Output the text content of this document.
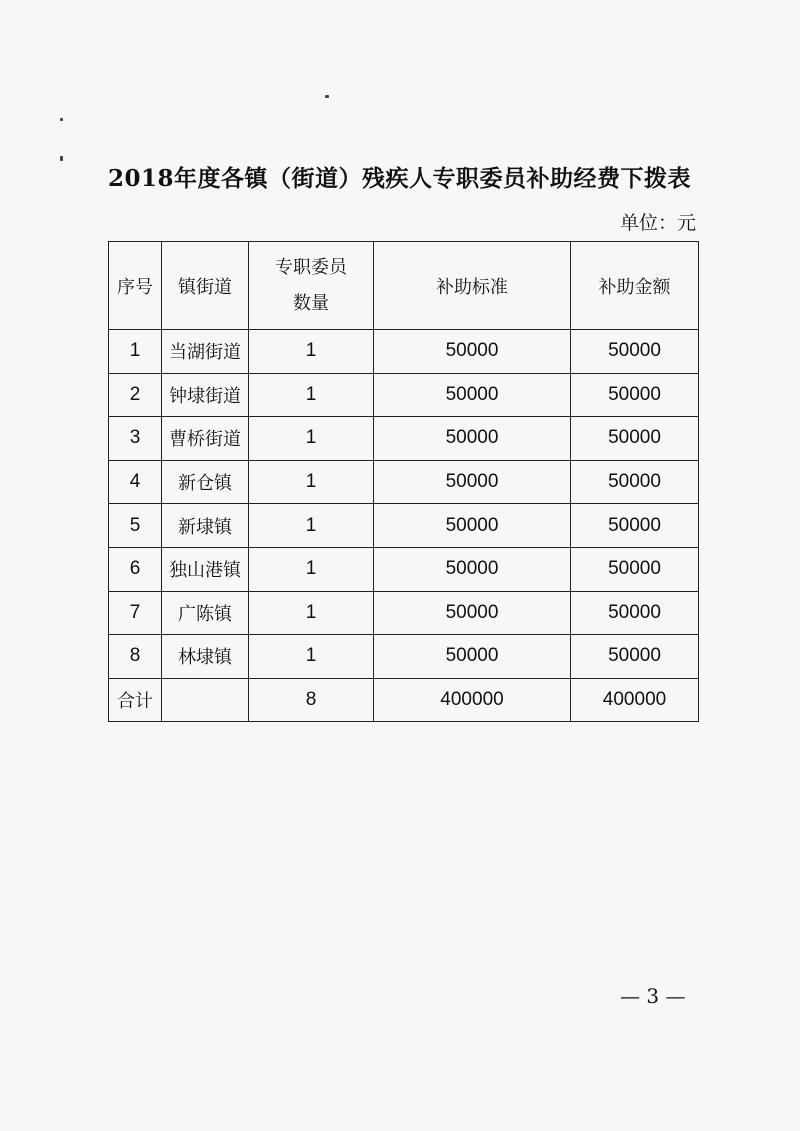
2018年度各镇（街道）残疾人专职委员补助经费下拨表
单位：元
序号	镇街道	专职委员数量	补助标准	补助金额
1	当湖街道	1	50000	50000
2	钟埭街道	1	50000	50000
3	曹桥街道	1	50000	50000
4	新仓镇	1	50000	50000
5	新埭镇	1	50000	50000
6	独山港镇	1	50000	50000
7	广陈镇	1	50000	50000
8	林埭镇	1	50000	50000
合计		8	400000	400000
— 3 —
